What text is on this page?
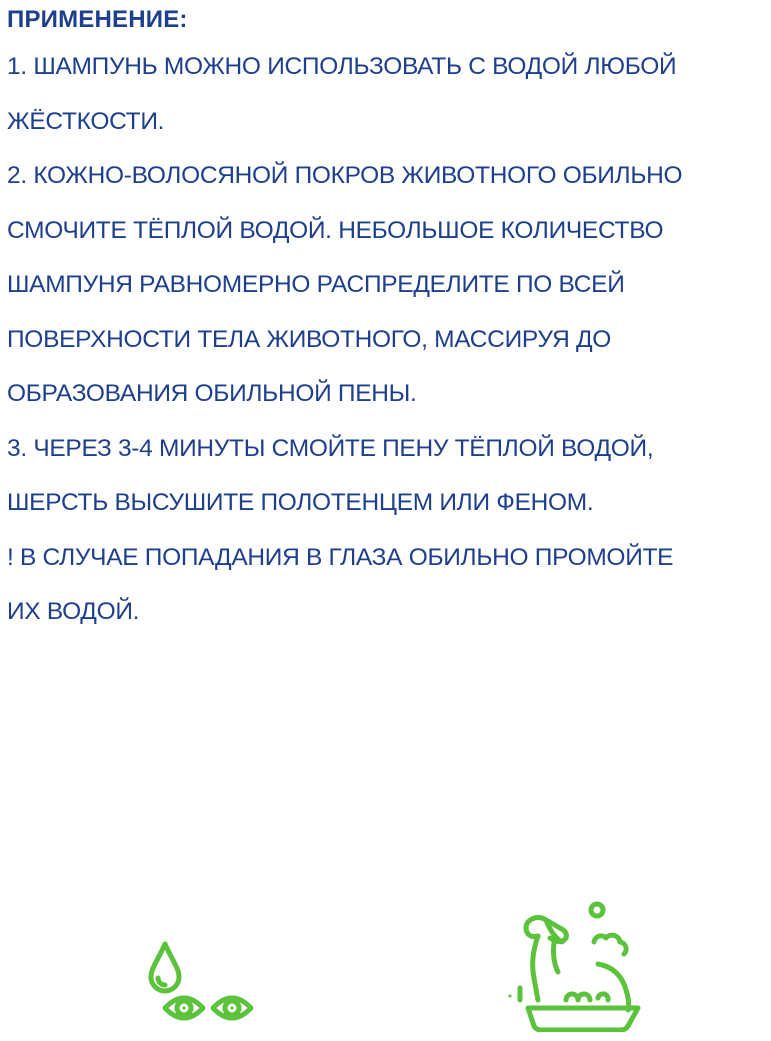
ПРИМЕНЕНИЕ:

1. ШАМПУНЬ МОЖНО ИСПОЛЬЗОВАТЬ С ВОДОЙ ЛЮБОЙ

ЖЁСТКОСТИ.

2. КОЖНО-ВОЛОСЯНОЙ ПОКРОВ ЖИВОТНОГО ОБИЛЬНО

СМОЧИТЕ ТЁПЛОЙ ВОДОЙ. НЕБОЛЬШОЕ КОЛИЧЕСТВО

ШАМПУНЯ РАВНОМЕРНО РАСПРЕДЕЛИТЕ ПО ВСЕЙ

ПОВЕРХНОСТИ ТЕЛА ЖИВОТНОГО, МАССИРУЯ ДО

ОБРАЗОВАНИЯ ОБИЛЬНОЙ ПЕНЫ.

3. ЧЕРЕЗ 3-4 МИНУТЫ СМОЙТЕ ПЕНУ ТЁПЛОЙ ВОДОЙ,

ШЕРСТЬ ВЫСУШИТЕ ПОЛОТЕНЦЕМ ИЛИ ФЕНОМ.

! В СЛУЧАЕ ПОПАДАНИЯ В ГЛАЗА ОБИЛЬНО ПРОМОЙТЕ

ИХ ВОДОЙ.
